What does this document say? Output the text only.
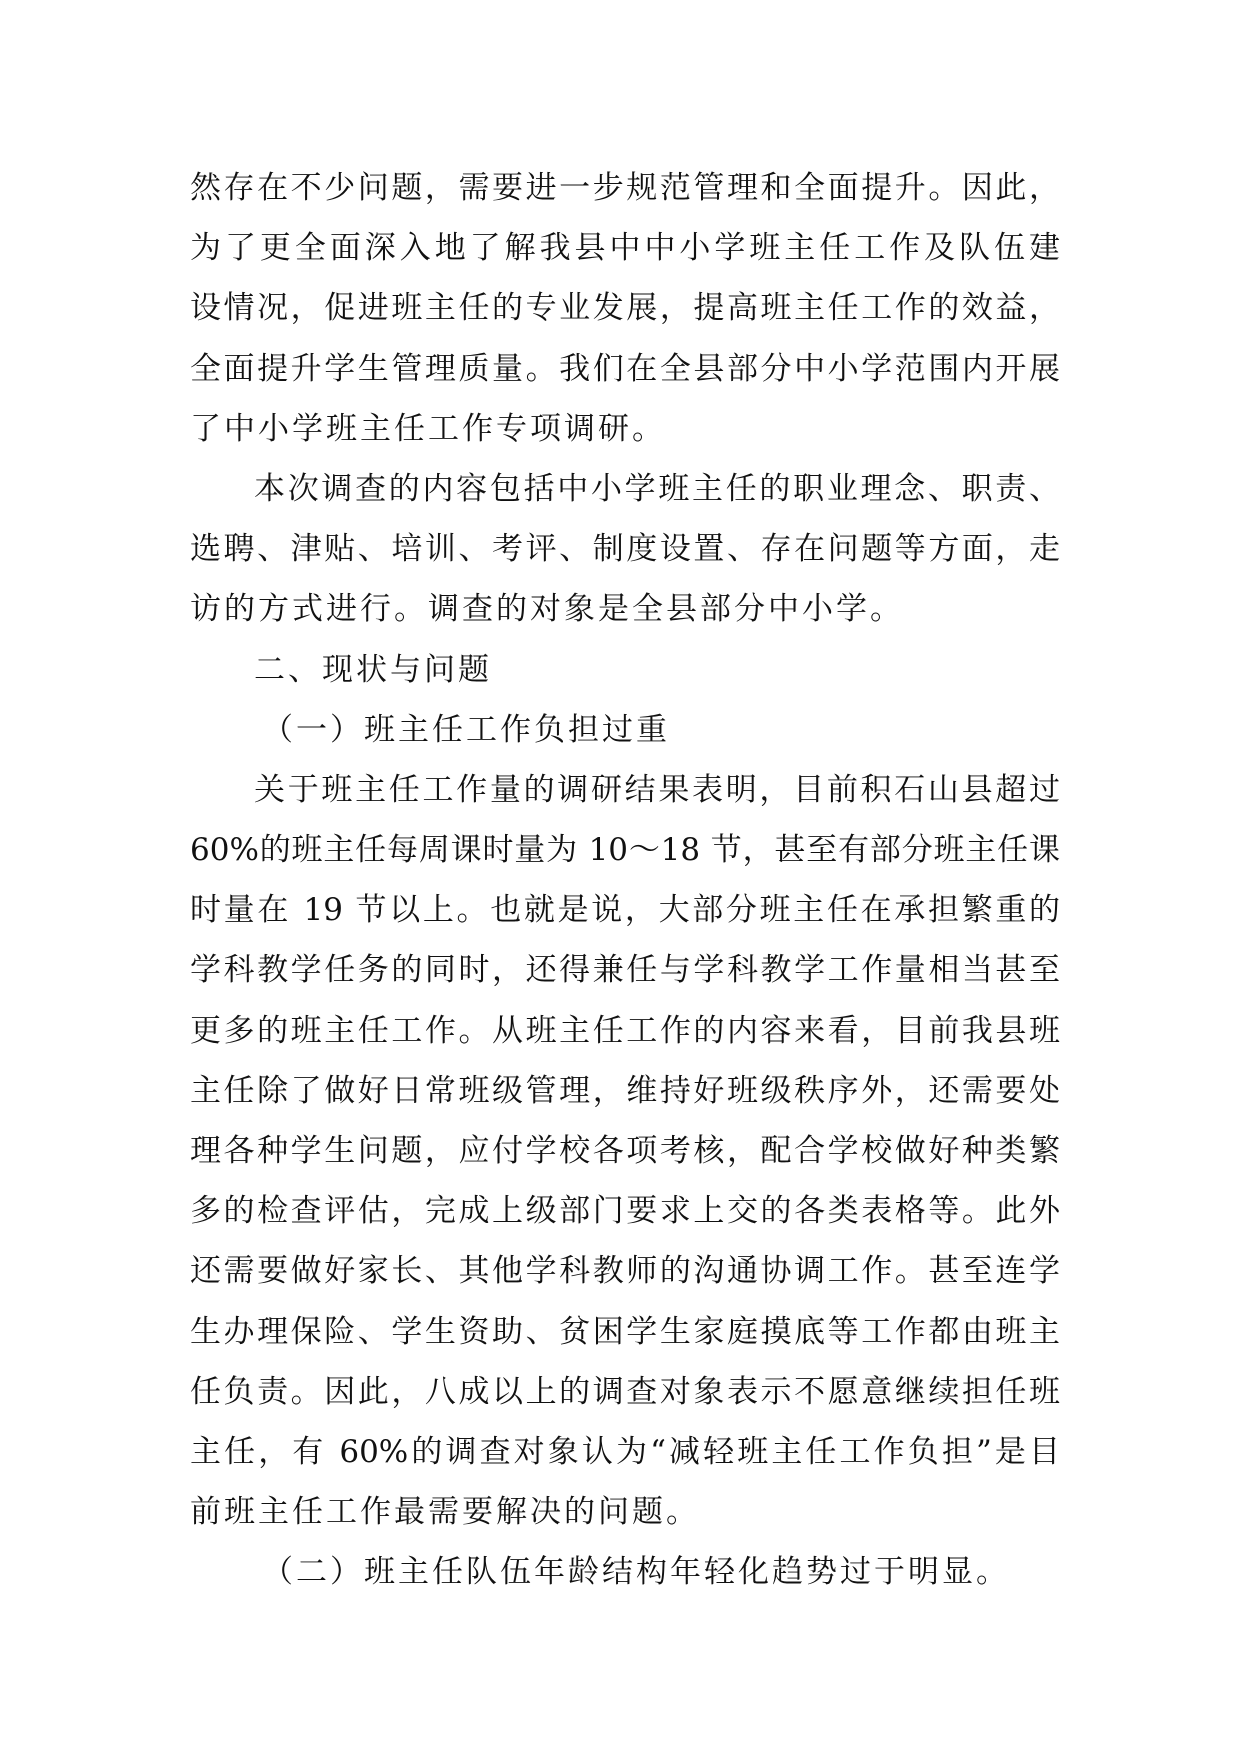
然存在不少问题，需要进一步规范管理和全面提升。因此，
为了更全面深入地了解我县中中小学班主任工作及队伍建
设情况，促进班主任的专业发展，提高班主任工作的效益，
全面提升学生管理质量。我们在全县部分中小学范围内开展
了中小学班主任工作专项调研。
本次调查的内容包括中小学班主任的职业理念、职责、
选聘、津贴、培训、考评、制度设置、存在问题等方面，走
访的方式进行。调查的对象是全县部分中小学。
二、现状与问题
（一）班主任工作负担过重
关于班主任工作量的调研结果表明，目前积石山县超过
60%的班主任每周课时量为 10～18 节，甚至有部分班主任课
时量在 19 节以上。也就是说，大部分班主任在承担繁重的
学科教学任务的同时，还得兼任与学科教学工作量相当甚至
更多的班主任工作。从班主任工作的内容来看，目前我县班
主任除了做好日常班级管理，维持好班级秩序外，还需要处
理各种学生问题，应付学校各项考核，配合学校做好种类繁
多的检查评估，完成上级部门要求上交的各类表格等。此外
还需要做好家长、其他学科教师的沟通协调工作。甚至连学
生办理保险、学生资助、贫困学生家庭摸底等工作都由班主
任负责。因此，八成以上的调查对象表示不愿意继续担任班
主任，有 60%的调查对象认为“减轻班主任工作负担”是目
前班主任工作最需要解决的问题。
（二）班主任队伍年龄结构年轻化趋势过于明显。
